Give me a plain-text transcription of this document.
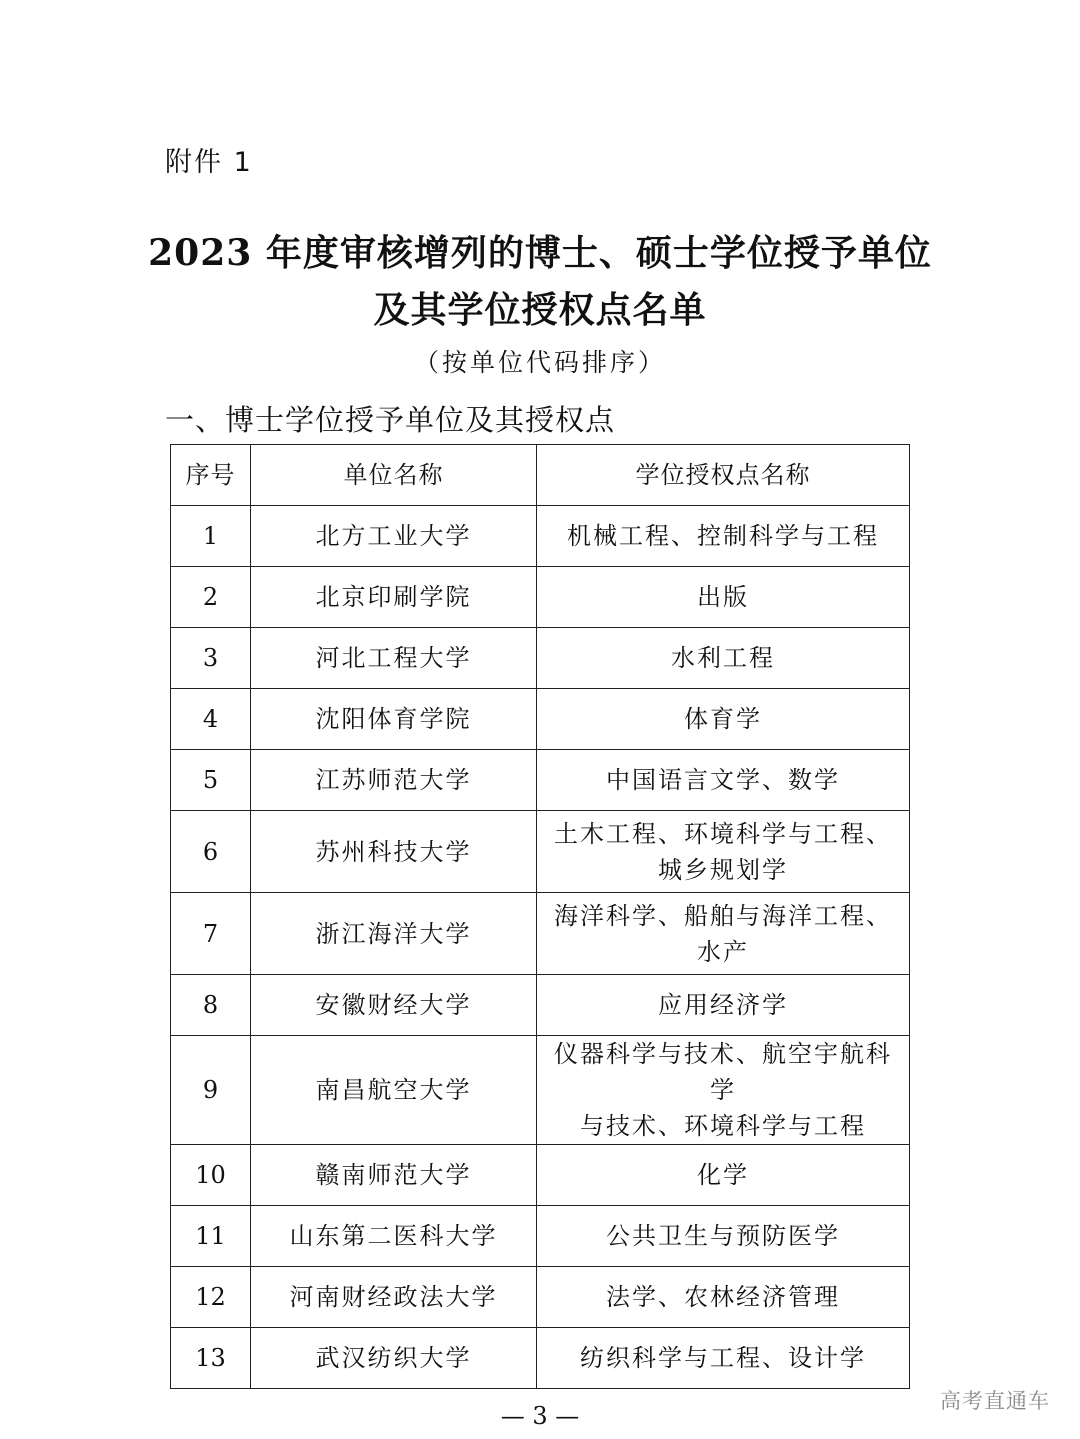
附件 1
2023 年度审核增列的博士、硕士学位授予单位
及其学位授权点名单
（按单位代码排序）
一、博士学位授予单位及其授权点
序号	单位名称	学位授权点名称
1	北方工业大学	机械工程、控制科学与工程
2	北京印刷学院	出版
3	河北工程大学	水利工程
4	沈阳体育学院	体育学
5	江苏师范大学	中国语言文学、数学
6	苏州科技大学	土木工程、环境科学与工程、
城乡规划学
7	浙江海洋大学	海洋科学、船舶与海洋工程、
水产
8	安徽财经大学	应用经济学
9	南昌航空大学	仪器科学与技术、航空宇航科学
与技术、环境科学与工程
10	赣南师范大学	化学
11	山东第二医科大学	公共卫生与预防医学
12	河南财经政法大学	法学、农林经济管理
13	武汉纺织大学	纺织科学与工程、设计学
高考直通车
— 3 —
